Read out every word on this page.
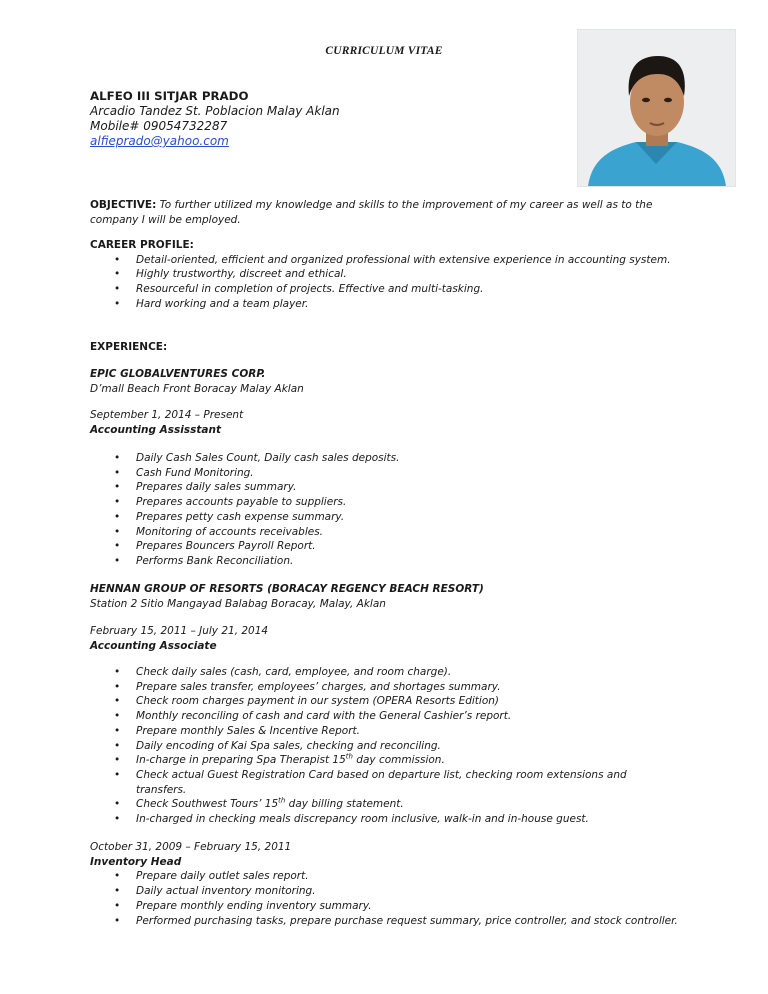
CURRICULUM VITAE
ALFEO III SITJAR PRADO
Arcadio Tandez St. Poblacion Malay Aklan
Mobile# 09054732287
alfieprado@yahoo.com
OBJECTIVE: To further utilized my knowledge and skills to the improvement of my career as well as to the company I will be employed.
CAREER PROFILE:
• Detail-oriented, efficient and organized professional with extensive experience in accounting system.
• Highly trustworthy, discreet and ethical.
• Resourceful in completion of projects. Effective and multi-tasking.
• Hard working and a team player.
EXPERIENCE:
EPIC GLOBALVENTURES CORP.
D’mall Beach Front Boracay Malay Aklan
September 1, 2014 – Present
Accounting Assisstant
• Daily Cash Sales Count, Daily cash sales deposits.
• Cash Fund Monitoring.
• Prepares daily sales summary.
• Prepares accounts payable to suppliers.
• Prepares petty cash expense summary.
• Monitoring of accounts receivables.
• Prepares Bouncers Payroll Report.
• Performs Bank Reconciliation.
HENNAN GROUP OF RESORTS (BORACAY REGENCY BEACH RESORT)
Station 2 Sitio Mangayad Balabag Boracay, Malay, Aklan
February 15, 2011 – July 21, 2014
Accounting Associate
• Check daily sales (cash, card, employee, and room charge).
• Prepare sales transfer, employees’ charges, and shortages summary.
• Check room charges payment in our system (OPERA Resorts Edition)
• Monthly reconciling of cash and card with the General Cashier’s report.
• Prepare monthly Sales & Incentive Report.
• Daily encoding of Kai Spa sales, checking and reconciling.
• In-charge in preparing Spa Therapist 15th day commission.
• Check actual Guest Registration Card based on departure list, checking room extensions and transfers.
• Check Southwest Tours’ 15th day billing statement.
• In-charged in checking meals discrepancy room inclusive, walk-in and in-house guest.
October 31, 2009 – February 15, 2011
Inventory Head
• Prepare daily outlet sales report.
• Daily actual inventory monitoring.
• Prepare monthly ending inventory summary.
• Performed purchasing tasks, prepare purchase request summary, price controller, and stock controller.
